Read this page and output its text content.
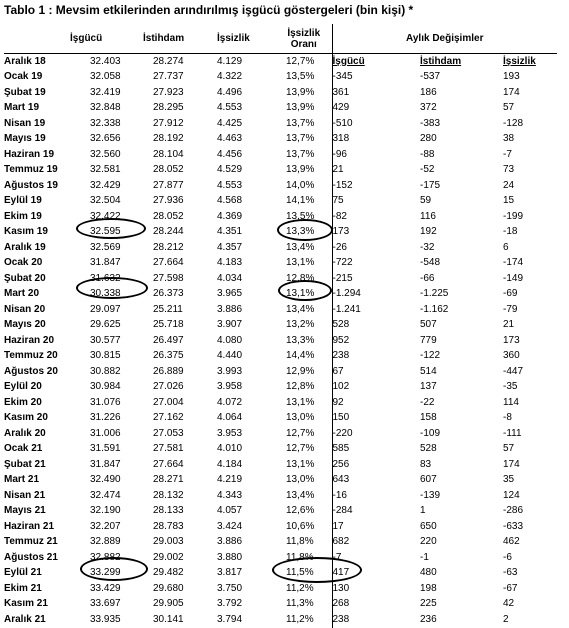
Tablo 1 : Mevsim etkilerinden arındırılmış işgücü göstergeleri (bin kişi) *
	İşgücü	İstihdam	İşsizlik	İşsizlik
Oranı	Aylık Değişimler		
Aralık 18	32.403	28.274	4.129	12,7%	İşgücü	İstihdam	İşsizlik
Ocak 19	32.058	27.737	4.322	13,5%	-345	-537	193
Şubat 19	32.419	27.923	4.496	13,9%	361	186	174
Mart 19	32.848	28.295	4.553	13,9%	429	372	57
Nisan 19	32.338	27.912	4.425	13,7%	-510	-383	-128
Mayıs 19	32.656	28.192	4.463	13,7%	318	280	38
Haziran 19	32.560	28.104	4.456	13,7%	-96	-88	-7
Temmuz 19	32.581	28.052	4.529	13,9%	21	-52	73
Ağustos 19	32.429	27.877	4.553	14,0%	-152	-175	24
Eylül 19	32.504	27.936	4.568	14,1%	75	59	15
Ekim 19	32.422	28.052	4.369	13,5%	-82	116	-199
Kasım 19	32.595	28.244	4.351	13,3%	173	192	-18
Aralık 19	32.569	28.212	4.357	13,4%	-26	-32	6
Ocak 20	31.847	27.664	4.183	13,1%	-722	-548	-174
Şubat 20	31.632	27.598	4.034	12,8%	-215	-66	-149
Mart 20	30.338	26.373	3.965	13,1%	-1.294	-1.225	-69
Nisan 20	29.097	25.211	3.886	13,4%	-1.241	-1.162	-79
Mayıs 20	29.625	25.718	3.907	13,2%	528	507	21
Haziran 20	30.577	26.497	4.080	13,3%	952	779	173
Temmuz 20	30.815	26.375	4.440	14,4%	238	-122	360
Ağustos 20	30.882	26.889	3.993	12,9%	67	514	-447
Eylül 20	30.984	27.026	3.958	12,8%	102	137	-35
Ekim 20	31.076	27.004	4.072	13,1%	92	-22	114
Kasım 20	31.226	27.162	4.064	13,0%	150	158	-8
Aralık 20	31.006	27.053	3.953	12,7%	-220	-109	-111
Ocak 21	31.591	27.581	4.010	12,7%	585	528	57
Şubat 21	31.847	27.664	4.184	13,1%	256	83	174
Mart 21	32.490	28.271	4.219	13,0%	643	607	35
Nisan 21	32.474	28.132	4.343	13,4%	-16	-139	124
Mayıs 21	32.190	28.133	4.057	12,6%	-284	1	-286
Haziran 21	32.207	28.783	3.424	10,6%	17	650	-633
Temmuz 21	32.889	29.003	3.886	11,8%	682	220	462
Ağustos 21	32.882	29.002	3.880	11,8%	-7	-1	-6
Eylül 21	33.299	29.482	3.817	11,5%	417	480	-63
Ekim 21	33.429	29.680	3.750	11,2%	130	198	-67
Kasım 21	33.697	29.905	3.792	11,3%	268	225	42
Aralık 21	33.935	30.141	3.794	11,2%	238	236	2
